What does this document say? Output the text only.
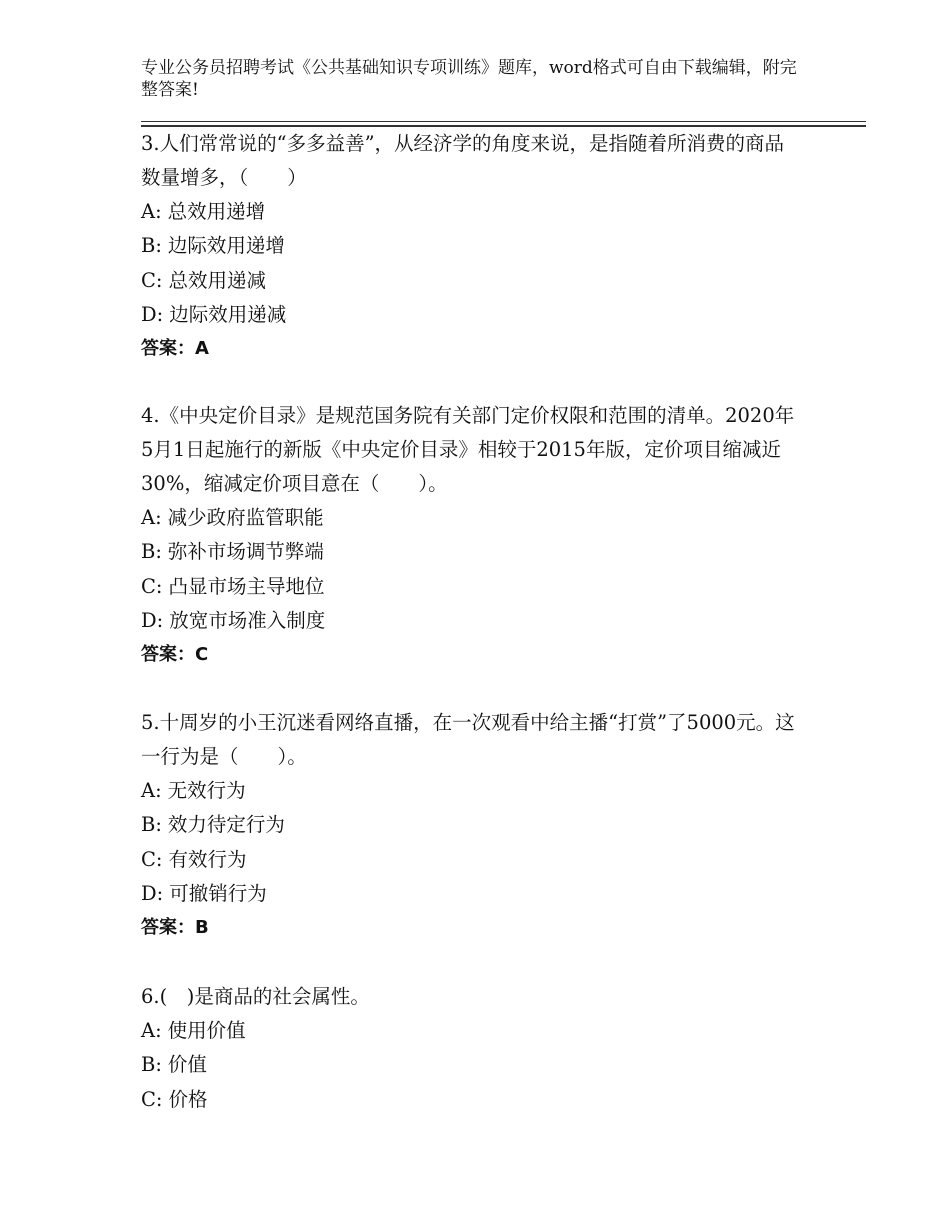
专业公务员招聘考试《公共基础知识专项训练》题库，word格式可自由下载编辑，附完整答案!

3.人们常常说的“多多益善”，从经济学的角度来说，是指随着所消费的商品数量增多，（　　）

A: 总效用递增
B: 边际效用递增
C: 总效用递减
D: 边际效用递减
答案：A

4.《中央定价目录》是规范国务院有关部门定价权限和范围的清单。2020年5月1日起施行的新版《中央定价目录》相较于2015年版，定价项目缩减近30%，缩减定价项目意在（　　）。

A: 减少政府监管职能
B: 弥补市场调节弊端
C: 凸显市场主导地位
D: 放宽市场准入制度
答案：C

5.十周岁的小王沉迷看网络直播，在一次观看中给主播“打赏”了5000元。这一行为是（　　）。

A: 无效行为
B: 效力待定行为
C: 有效行为
D: 可撤销行为
答案：B

6.(　)是商品的社会属性。

A: 使用价值
B: 价值
C: 价格
